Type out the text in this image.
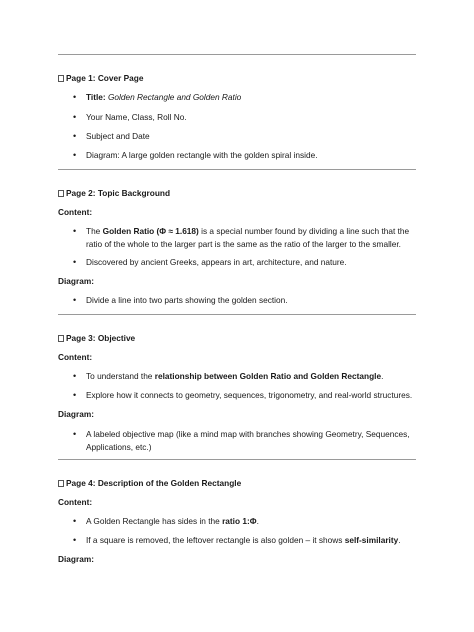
Page 1: Cover Page
• Title: Golden Rectangle and Golden Ratio
• Your Name, Class, Roll No.
• Subject and Date
• Diagram: A large golden rectangle with the golden spiral inside.
Page 2: Topic Background
Content:
• The Golden Ratio (Φ ≈ 1.618) is a special number found by dividing a line such that the ratio of the whole to the larger part is the same as the ratio of the larger to the smaller.
• Discovered by ancient Greeks, appears in art, architecture, and nature.
Diagram:
• Divide a line into two parts showing the golden section.
Page 3: Objective
Content:
• To understand the relationship between Golden Ratio and Golden Rectangle.
• Explore how it connects to geometry, sequences, trigonometry, and real-world structures.
Diagram:
• A labeled objective map (like a mind map with branches showing Geometry, Sequences, Applications, etc.)
Page 4: Description of the Golden Rectangle
Content:
• A Golden Rectangle has sides in the ratio 1:Φ.
• If a square is removed, the leftover rectangle is also golden – it shows self-similarity.
Diagram:
